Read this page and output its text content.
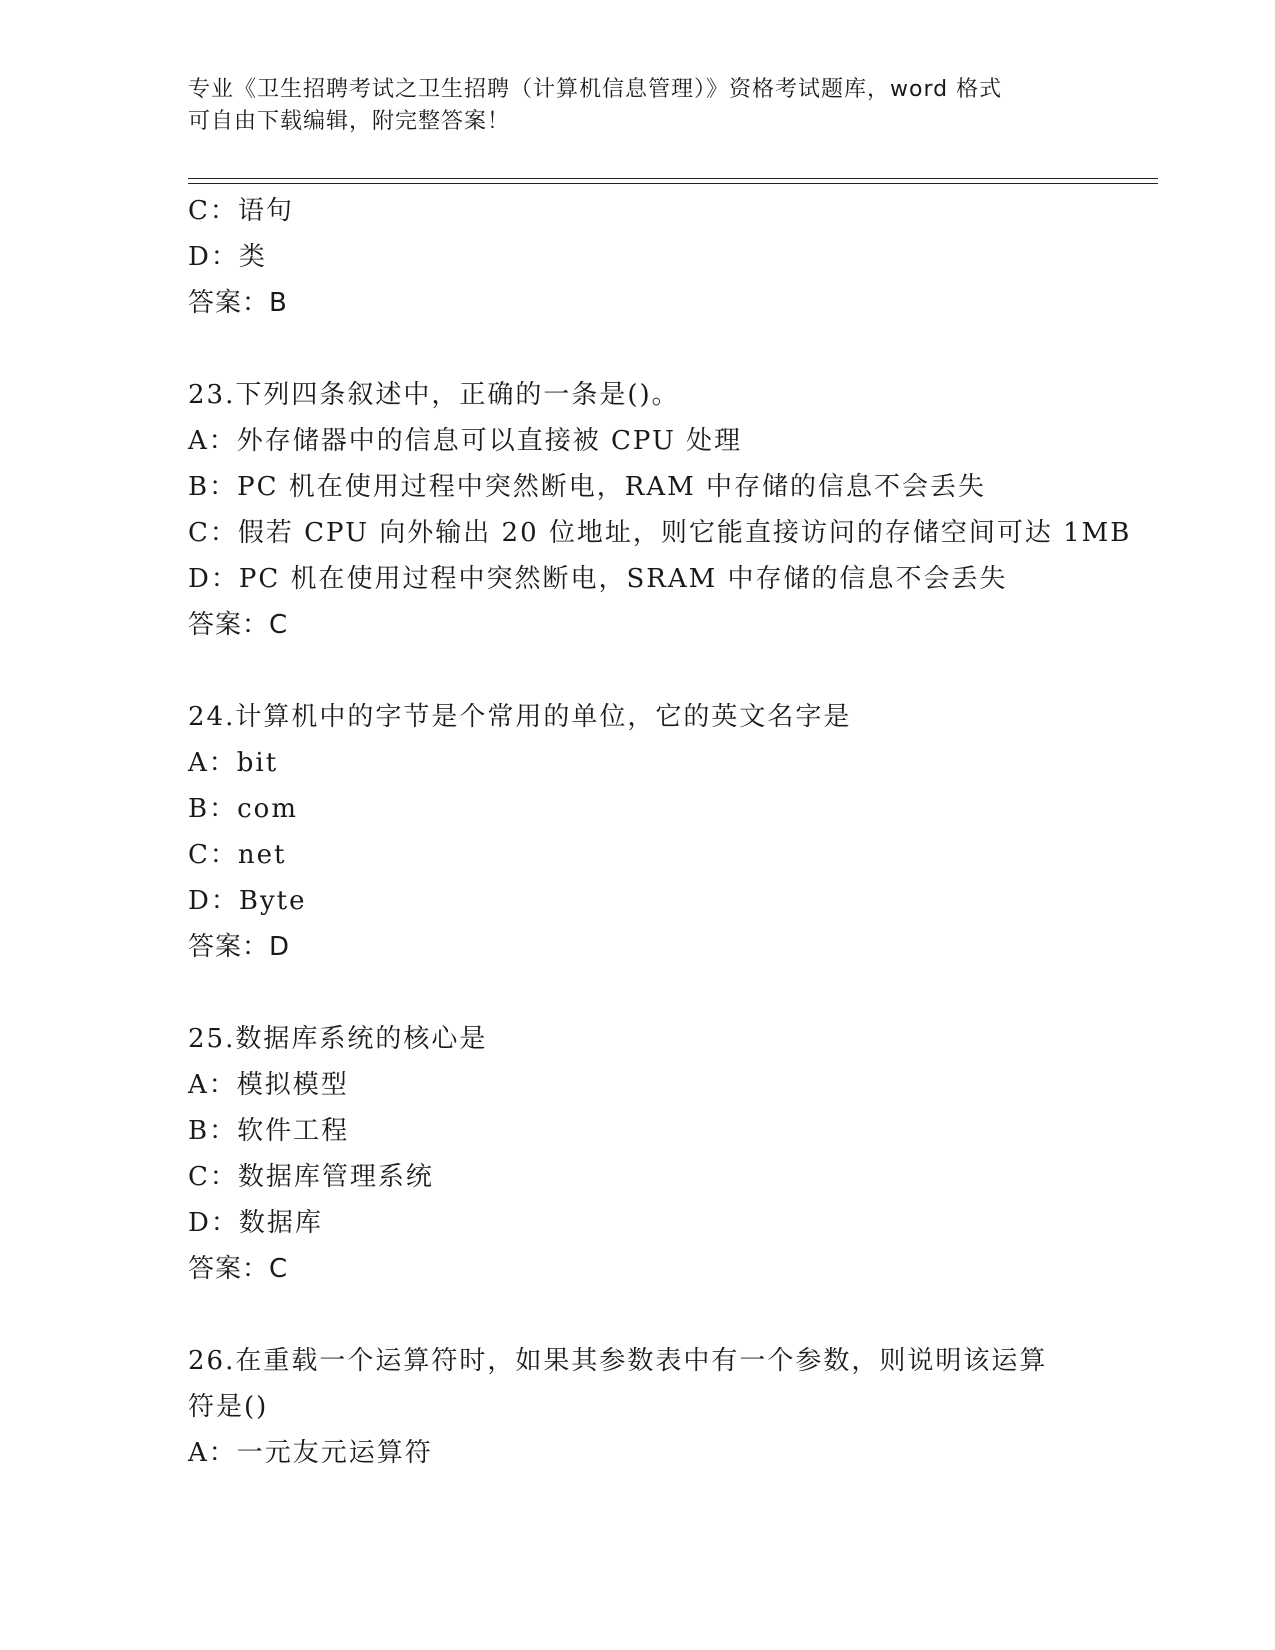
专业《卫生招聘考试之卫生招聘（计算机信息管理）》资格考试题库，word 格式
可自由下载编辑，附完整答案！
C：语句
D：类
答案：B
23.下列四条叙述中，正确的一条是()。
A：外存储器中的信息可以直接被 CPU 处理
B：PC 机在使用过程中突然断电，RAM 中存储的信息不会丢失
C：假若 CPU 向外输出 20 位地址，则它能直接访问的存储空间可达 1MB
D：PC 机在使用过程中突然断电，SRAM 中存储的信息不会丢失
答案：C
24.计算机中的字节是个常用的单位，它的英文名字是
A：bit
B：com
C：net
D：Byte
答案：D
25.数据库系统的核心是
A：模拟模型
B：软件工程
C：数据库管理系统
D：数据库
答案：C
26.在重载一个运算符时，如果其参数表中有一个参数，则说明该运算
符是()
A：一元友元运算符
